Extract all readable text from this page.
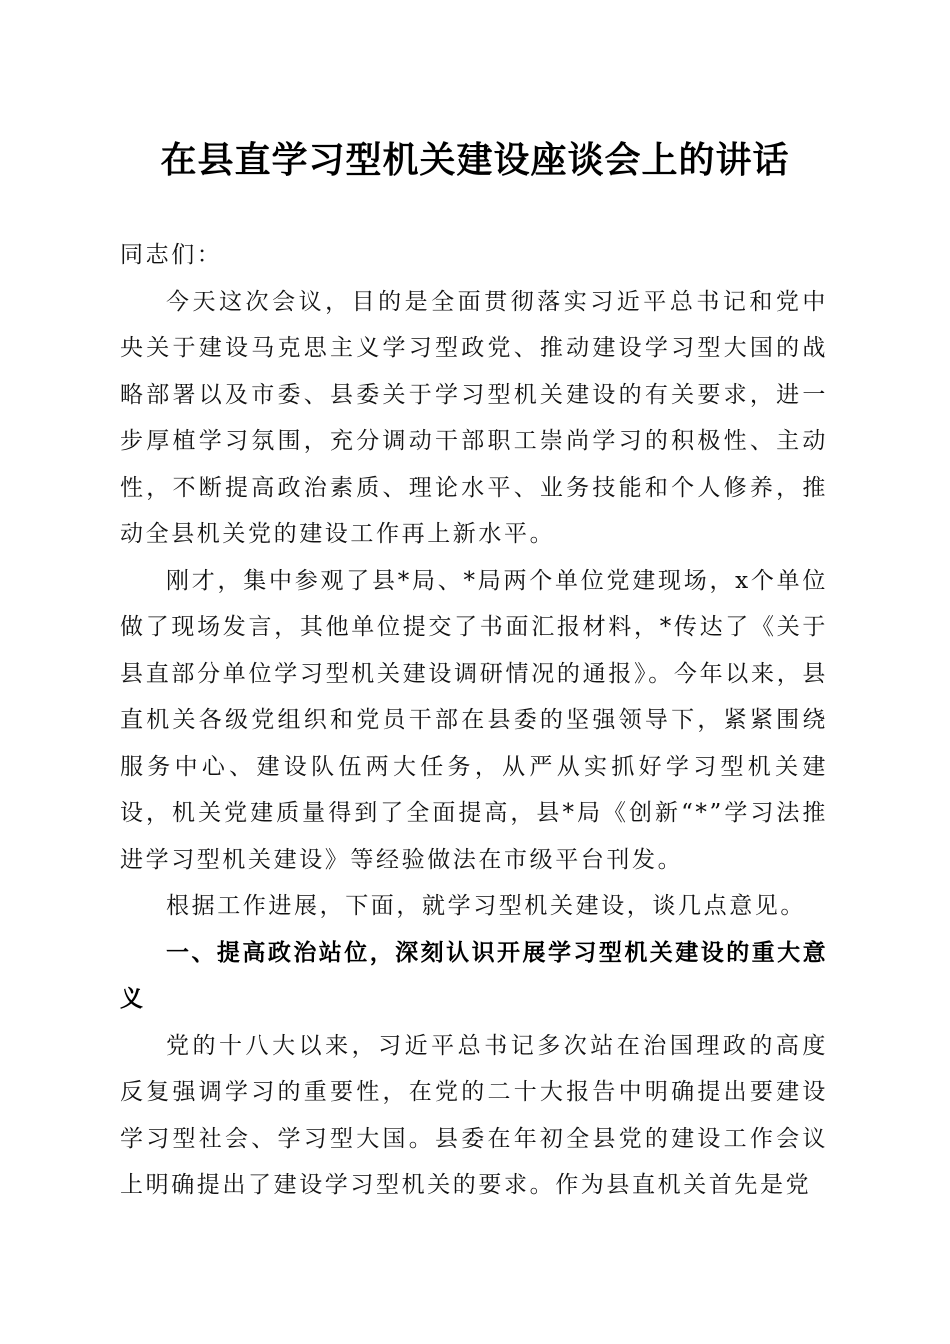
在县直学习型机关建设座谈会上的讲话

同志们：

今天这次会议，目的是全面贯彻落实习近平总书记和党中央关于建设马克思主义学习型政党、推动建设学习型大国的战略部署以及市委、县委关于学习型机关建设的有关要求，进一步厚植学习氛围，充分调动干部职工崇尚学习的积极性、主动性，不断提高政治素质、理论水平、业务技能和个人修养，推动全县机关党的建设工作再上新水平。

刚才，集中参观了县*局、*局两个单位党建现场，x个单位做了现场发言，其他单位提交了书面汇报材料，*传达了《关于县直部分单位学习型机关建设调研情况的通报》。今年以来，县直机关各级党组织和党员干部在县委的坚强领导下，紧紧围绕服务中心、建设队伍两大任务，从严从实抓好学习型机关建设，机关党建质量得到了全面提高，县*局《创新“*”学习法推进学习型机关建设》等经验做法在市级平台刊发。

根据工作进展，下面，就学习型机关建设，谈几点意见。

一、提高政治站位，深刻认识开展学习型机关建设的重大意义

党的十八大以来，习近平总书记多次站在治国理政的高度反复强调学习的重要性，在党的二十大报告中明确提出要建设学习型社会、学习型大国。县委在年初全县党的建设工作会议上明确提出了建设学习型机关的要求。作为县直机关首先是党
